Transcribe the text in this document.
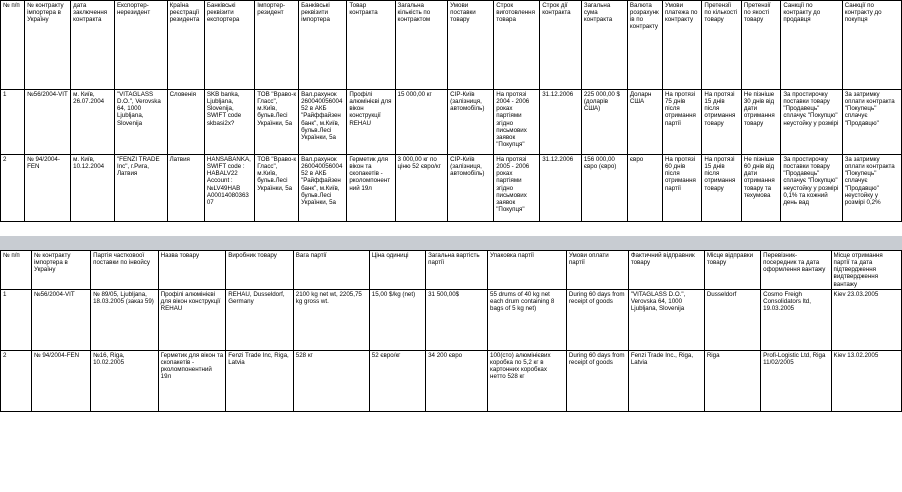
№ п/п	№ контракту імпортера в Україну	дата заключення контракта	Експортер-нерезидент	Країна реєстрації резидента	Банківські реквізити експортера	Імпортер-резидент	Банківські реквізити імпортера	Товар контракта	Загальна кількість по контрактом	Умови поставки товару	Строк виготовлення товара	Строк дії контракта	Загальна сума контракта	Валюта розрахунків по контракту	Умови платежа по контракту	Претензії по кількості товару	Претензії по якості товару	Санкції по контракту до продавця	Санкції по контракту до покупця
1	№56/2004-VIT	м. Київ, 26.07.2004	"VITAGLASS D.O.", Verovska 64, 1000 Ljubljana, Slovenija	Словенія	SKB banka, Ljubljana, Slovenija, SWIFT code skbasi2x?	ТОВ "Враво-к Гласс", м.Київ, бульв.Лесі Українки, 5а	Вал.рахунок 26004005600452 в АКБ "Райффайзенбанк", м.Київ, бульв.Лесі Українки, 5а	Профілі алюмінієві для вікон конструкції REHAU	15 000,00 кг	СІР-Київ (залізниця, автомобіль)	На протязі 2004 - 2006 роках партіями згідно письмових заявок "Покупця"	31.12.2006	225 000,00 $ (доларів США)	Доларн США	На протязі 75 днів після отримання партії	На протязі 15 днів після отримання товару	Не пізніше 30 днів від дати отримання товару	За простирочку поставки товару "Продавець" сплачує "Покупцю" неустойку у розмірі	За затримку оплати контракта "Покупець" сплачує "Продавцю"
2	№ 94/2004-FEN	м. Київ, 10.12.2004	"FENZI TRADE Inc", г.Рига, Латвия	Латвия	HANSABANKA, SWIFT code : HABALV22 Account : №LV49HAB A0001408036307	ТОВ "Враво-к Гласс", м.Київ, бульв.Лесі Українки, 5а	Вал.рахунок 26004005600452 в АКБ "Райффайзенбанк", м.Київ, бульв.Лесі Українки, 5а	Герметик для вікон та скопакетів - рколомпонентний 19л	3 000,00 кг по ціню 52 євро/кг	СІР-Київ (залізниця, автомобіль)	На протязі 2005 - 2006 роках партіями згідно письмових заявок "Покупця"	31.12.2006	156 000,00 євро (євро)	євро	На протязі 60 днів після отримання партії	На протязі 15 днів після отримання товару	Не пізніше 60 днів від дати отримання товару та техумова	За простирочку поставки товару "Продавець" сплачує "Покупцю" неустойку у розмірі 0,1% та кожний день вад	За затримку оплати контракта "Покупець" сплачує "Продавцю" неустойку у розмірі 0,2%
№ п/п	№ контракту імпортера в Україну	Партія частковоої поставки по інвойсу	Назва товару	Виробник товару	Вага партії	Ціна одиниці	Загальна вартість партії	Упаковка партії	Умови оплати партії	Фактичний відправник товару	Місце відправки товару	Перевізник-посередник та дата оформлення вантажу	Місце отримання партії та дата підтвердження видтвердження вантажу
1	№56/2004-VIT	№ 89/05, Ljubljana, 18.03.2005 (заказ 59)	Профілі алюмінієві для вікон конструкції REHAU	REHAU, Dusseldorf, Germany	2100 kg net wt, 2205,75 kg gross wt.	15,00 $/kg (net)	31 500,00$	55 drums of 40 kg net each drum containing 8 bags of 5 kg net)	During 60 days from receipt of goods	"VITAGLASS D.O.", Verovska 64, 1000 Ljubljana, Slovenija	Dusseldorf	Cosmo Freigh Consolidators ltd, 19.03.2005	Kiev 23.03.2005
2	№ 94/2004-FEN	№16, Riga, 10.02.2005	Герметик для вікон та скопакетів - рколомпонентний 19л	Fenzi Trade Inc, Riga, Latvia	528 кг	52 євро/кг	34 200 євро	100(сто) алюмінієвих коробка по 5,2 кг в картонних коробках нетто 528 кг	During 60 days from receipt of goods	Fenzi Trade Inc., Riga, Latvia	Riga	Profi-Logistic Ltd, Riga 11/02/2005	Kiev 13.02.2005
